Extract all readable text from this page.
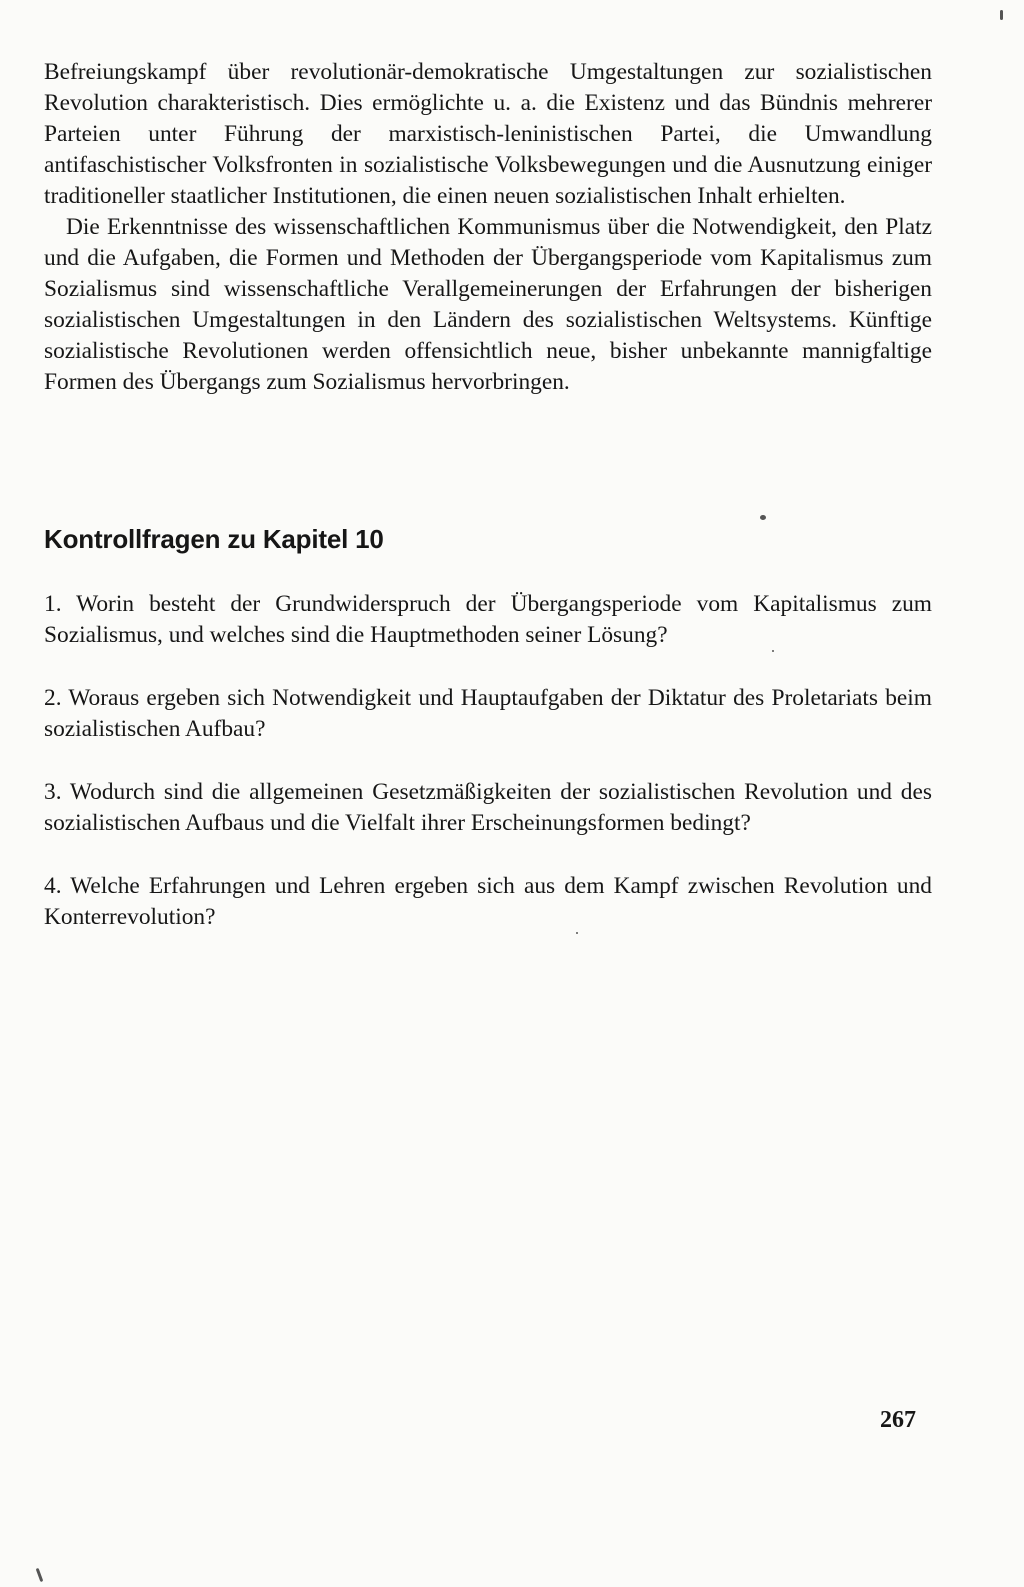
Befreiungskampf über revolutionär-demokratische Umgestaltungen zur sozialistischen Revolution charakteristisch. Dies ermöglichte u. a. die Existenz und das Bündnis mehrerer Parteien unter Führung der marxistisch-leninistischen Partei, die Umwandlung antifaschistischer Volksfronten in sozialistische Volksbewegungen und die Ausnutzung einiger traditioneller staatlicher Institutionen, die einen neuen sozialistischen Inhalt erhielten.

Die Erkenntnisse des wissenschaftlichen Kommunismus über die Notwendigkeit, den Platz und die Aufgaben, die Formen und Methoden der Übergangsperiode vom Kapitalismus zum Sozialismus sind wissenschaftliche Verallgemeinerungen der Erfahrungen der bisherigen sozialistischen Umgestaltungen in den Ländern des sozialistischen Weltsystems. Künftige sozialistische Revolutionen werden offensichtlich neue, bisher unbekannte mannigfaltige Formen des Übergangs zum Sozialismus hervorbringen.

Kontrollfragen zu Kapitel 10
1. Worin besteht der Grundwiderspruch der Übergangsperiode vom Kapitalismus zum Sozialismus, und welches sind die Hauptmethoden seiner Lösung?
2. Woraus ergeben sich Notwendigkeit und Hauptaufgaben der Diktatur des Proletariats beim sozialistischen Aufbau?
3. Wodurch sind die allgemeinen Gesetzmäßigkeiten der sozialistischen Revolution und des sozialistischen Aufbaus und die Vielfalt ihrer Erscheinungsformen bedingt?
4. Welche Erfahrungen und Lehren ergeben sich aus dem Kampf zwischen Revolution und Konterrevolution?
267
